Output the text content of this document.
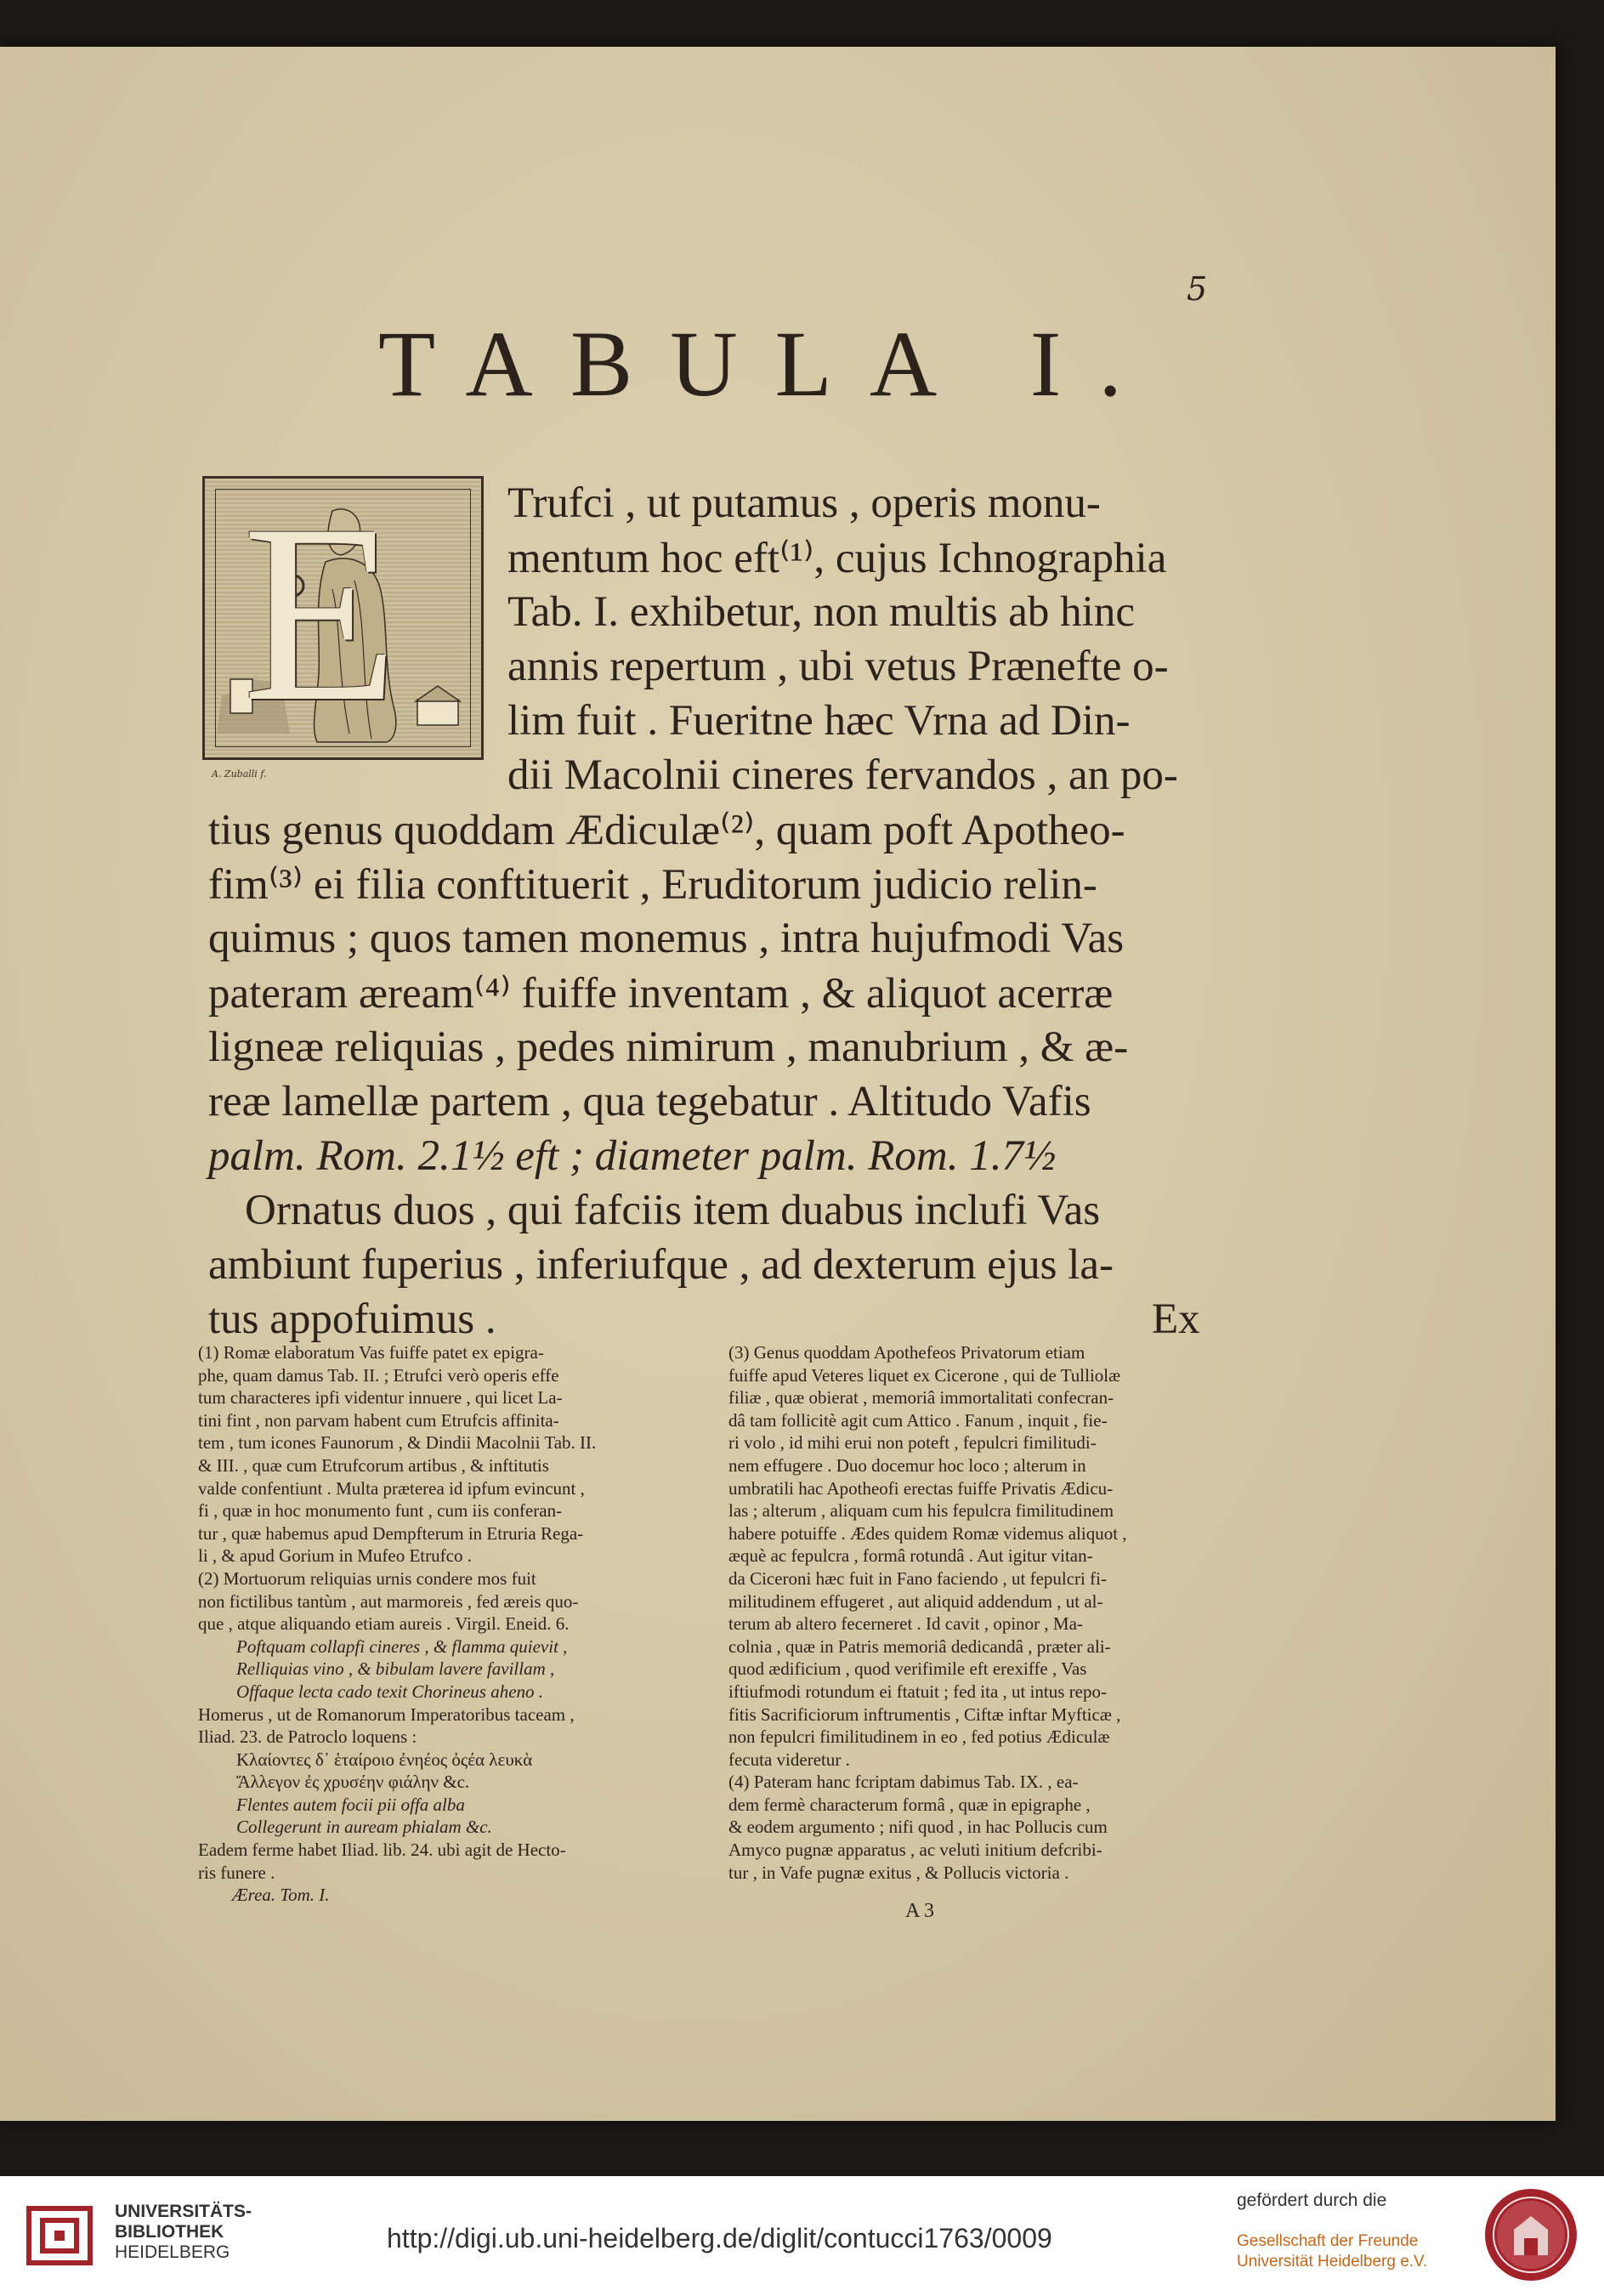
5
TABULA I.
E
A. Zuballi f.
Trufci , ut putamus , operis monu-
mentum hoc eft⁽¹⁾, cujus Ichnographia
Tab. I. exhibetur, non multis ab hinc
annis repertum , ubi vetus Prænefte o-
lim fuit . Fueritne hæc Vrna ad Din-
dii Macolnii cineres fervandos , an po-
tius genus quoddam Ædiculæ⁽²⁾, quam poft Apotheo-
fim⁽³⁾ ei filia conftituerit , Eruditorum judicio relin-
quimus ; quos tamen monemus , intra hujufmodi Vas
pateram æream⁽⁴⁾ fuiffe inventam , & aliquot acerræ
ligneæ reliquias , pedes nimirum , manubrium , & æ-
reæ lamellæ partem , qua tegebatur . Altitudo Vafis
palm. Rom. 2.1½ eft ; diameter palm. Rom. 1.7½
Ornatus duos , qui fafciis item duabus inclufi Vas
ambiunt fuperius , inferiufque , ad dexterum ejus la-
tus appofuimus .	Ex
(1) Romæ elaboratum Vas fuiffe patet ex epigra-
phe, quam damus Tab. II. ; Etrufci verò operis effe
tum characteres ipfi videntur innuere , qui licet La-
tini fint , non parvam habent cum Etrufcis affinita-
tem , tum icones Faunorum , & Dindii Macolnii Tab. II.
& III. , quæ cum Etrufcorum artibus , & inftitutis
valde confentiunt . Multa præterea id ipfum evincunt ,
fi , quæ in hoc monumento funt , cum iis conferan-
tur , quæ habemus apud Dempfterum in Etruria Rega-
li , & apud Gorium in Mufeo Etrufco .
(2) Mortuorum reliquias urnis condere mos fuit
non fictilibus tantùm , aut marmoreis , fed æreis quo-
que , atque aliquando etiam aureis . Virgil. Eneid. 6.
Poftquam collapfi cineres , & flamma quievit ,
Relliquias vino , & bibulam lavere favillam ,
Offaque lecta cado texit Chorineus aheno .
Homerus , ut de Romanorum Imperatoribus taceam ,
Iliad. 23. de Patroclo loquens :
Κλαίοντες δ᾽ ἑταίροιο ἐνηέος ὀςέα λευκὰ
Ἄλλεγον ἐς χρυσέην φιάλην &c.
Flentes autem focii pii offa alba
Collegerunt in auream phialam &c.
Eadem ferme habet Iliad. lib. 24. ubi agit de Hecto-
ris funere .
Ærea. Tom. I.
(3) Genus quoddam Apothefeos Privatorum etiam
fuiffe apud Veteres liquet ex Cicerone , qui de Tulliolæ
filiæ , quæ obierat , memoriâ immortalitati confecran-
dâ tam follicitè agit cum Attico . Fanum , inquit , fie-
ri volo , id mihi erui non poteft , fepulcri fimilitudi-
nem effugere . Duo docemur hoc loco ; alterum in
umbratili hac Apotheofi erectas fuiffe Privatis Ædicu-
las ; alterum , aliquam cum his fepulcra fimilitudinem
habere potuiffe . Ædes quidem Romæ videmus aliquot ,
æquè ac fepulcra , formâ rotundâ . Aut igitur vitan-
da Ciceroni hæc fuit in Fano faciendo , ut fepulcri fi-
militudinem effugeret , aut aliquid addendum , ut al-
terum ab altero fecerneret . Id cavit , opinor , Ma-
colnia , quæ in Patris memoriâ dedicandâ , præter ali-
quod ædificium , quod verifimile eft erexiffe , Vas
iftiufmodi rotundum ei ftatuit ; fed ita , ut intus repo-
fitis Sacrificiorum inftrumentis , Ciftæ inftar Myfticæ ,
non fepulcri fimilitudinem in eo , fed potius Ædiculæ
fecuta videretur .
(4) Pateram hanc fcriptam dabimus Tab. IX. , ea-
dem fermè characterum formâ , quæ in epigraphe ,
& eodem argumento ; nifi quod , in hac Pollucis cum
Amyco pugnæ apparatus , ac veluti initium defcribi-
tur , in Vafe pugnæ exitus , & Pollucis victoria .
A 3
UNIVERSITÄTS-
BIBLIOTHEK
HEIDELBERG	http://digi.ub.uni-heidelberg.de/diglit/contucci1763/0009
gefördert durch die
Gesellschaft der Freunde
Universität Heidelberg e.V.
